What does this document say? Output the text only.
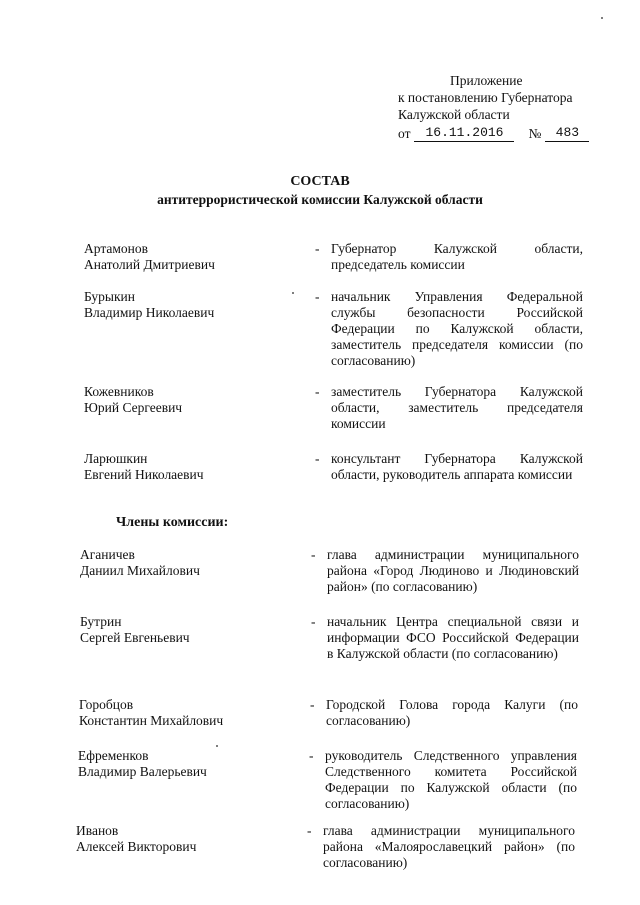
Приложение
к постановлению Губернатора
Калужской области
от	16.11.2016	№	483
СОСТАВ
антитеррористической комиссии Калужской области
Артамонов
Анатолий Дмитриевич
- Губернатор Калужской области, председатель комиссии
Бурыкин
Владимир Николаевич
- начальник Управления Федеральной службы безопасности Российской Федерации по Калужской области, заместитель председателя комиссии (по согласованию)
Кожевников
Юрий Сергеевич
- заместитель Губернатора Калужской области, заместитель председателя комиссии
Ларюшкин
Евгений Николаевич
- консультант Губернатора Калужской области, руководитель аппарата комиссии
Члены комиссии:
Аганичев
Даниил Михайлович
- глава администрации муниципального района «Город Людиново и Людиновский район» (по согласованию)
Бутрин
Сергей Евгеньевич
- начальник Центра специальной связи и информации ФСО Российской Федерации в Калужской области (по согласованию)
Горобцов
Константин Михайлович
- Городской Голова города Калуги (по согласованию)
Ефременков
Владимир Валерьевич
- руководитель Следственного управления Следственного комитета Российской Федерации по Калужской области (по согласованию)
Иванов
Алексей Викторович
- глава администрации муниципального района «Малоярославецкий район» (по согласованию)
